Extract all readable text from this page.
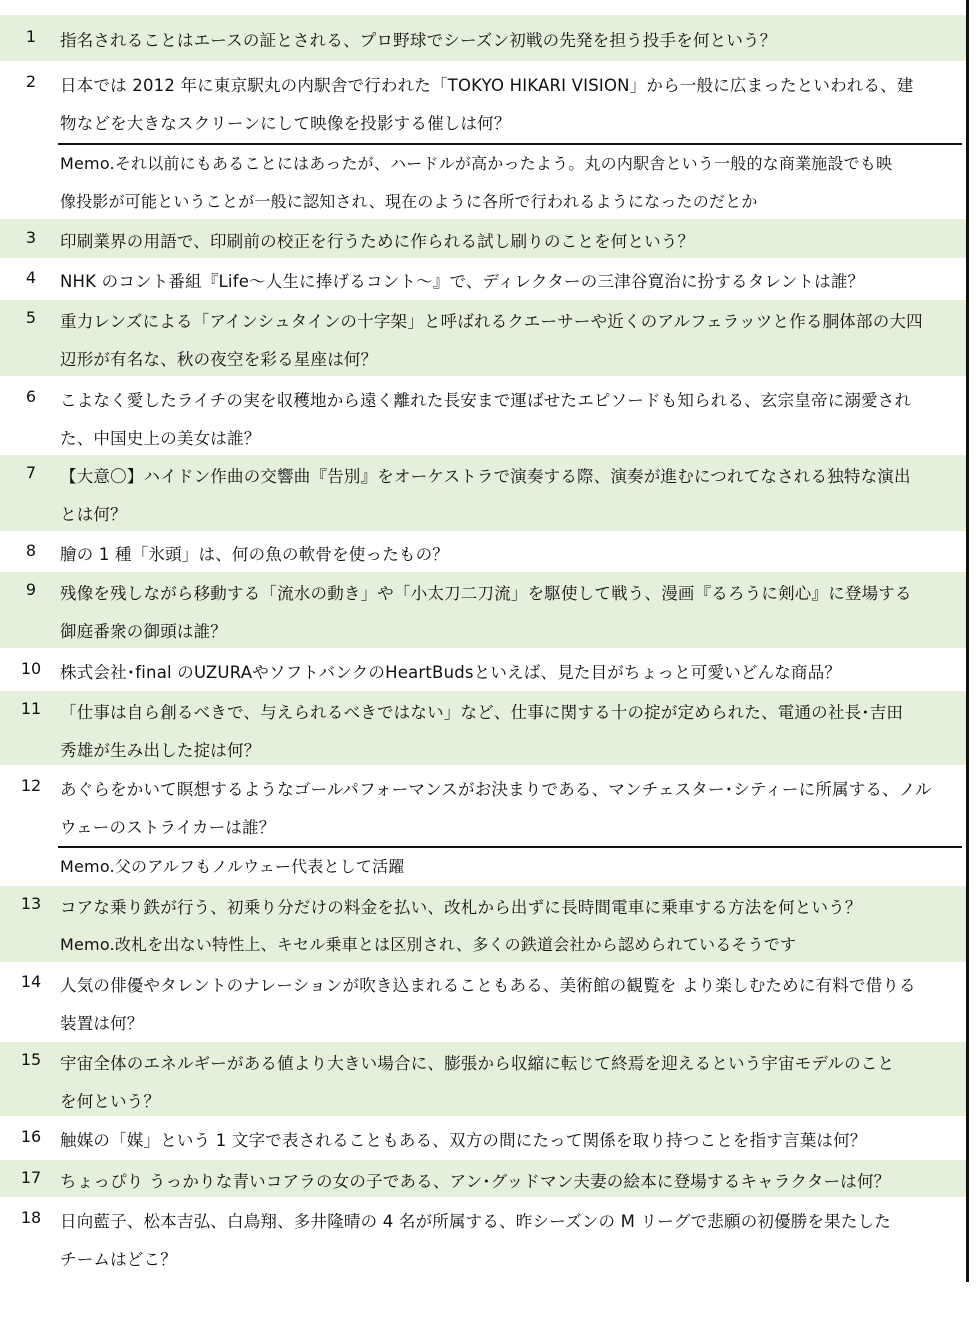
1	指名されることはエースの証とされる、プロ野球でシーズン初戦の先発を担う投手を何という？
2	日本では 2012 年に東京駅丸の内駅舎で行われた「TOKYO HIKARI VISION」から一般に広まったといわれる、建
物などを大きなスクリーンにして映像を投影する催しは何？
Memo.それ以前にもあることにはあったが、ハードルが高かったよう。丸の内駅舎という一般的な商業施設でも映
像投影が可能ということが一般に認知され、現在のように各所で行われるようになったのだとか
3	印刷業界の用語で、印刷前の校正を行うために作られる試し刷りのことを何という？
4	NHK のコント番組『Life～人生に捧げるコント～』で、ディレクターの三津谷寛治に扮するタレントは誰？
5	重力レンズによる「アインシュタインの十字架」と呼ばれるクエーサーや近くのアルフェラッツと作る胴体部の大四
辺形が有名な、秋の夜空を彩る星座は何？
6	こよなく愛したライチの実を収穫地から遠く離れた長安まで運ばせたエピソードも知られる、玄宗皇帝に溺愛され
た、中国史上の美女は誰？
7	【大意〇】ハイドン作曲の交響曲『告別』をオーケストラで演奏する際、演奏が進むにつれてなされる独特な演出
とは何？
8	膾の 1 種「氷頭」は、何の魚の軟骨を使ったもの？
9	残像を残しながら移動する「流水の動き」や「小太刀二刀流」を駆使して戦う、漫画『るろうに剣心』に登場する
御庭番衆の御頭は誰？
10	株式会社･final のUZURAやソフトバンクのHeartBudsといえば、見た目がちょっと可愛いどんな商品？
11	「仕事は自ら創るべきで、与えられるべきではない」など、仕事に関する十の掟が定められた、電通の社長･吉田
秀雄が生み出した掟は何？
12	あぐらをかいて瞑想するようなゴールパフォーマンスがお決まりである、マンチェスター･シティーに所属する、ノル
ウェーのストライカーは誰？
Memo.父のアルフもノルウェー代表として活躍
13	コアな乗り鉄が行う、初乗り分だけの料金を払い、改札から出ずに長時間電車に乗車する方法を何という？
Memo.改札を出ない特性上、キセル乗車とは区別され、多くの鉄道会社から認められているそうです
14	人気の俳優やタレントのナレーションが吹き込まれることもある、美術館の観覧を より楽しむために有料で借りる
装置は何？
15	宇宙全体のエネルギーがある値より大きい場合に、膨張から収縮に転じて終焉を迎えるという宇宙モデルのこと
を何という？
16	触媒の「媒」という 1 文字で表されることもある、双方の間にたって関係を取り持つことを指す言葉は何？
17	ちょっぴり うっかりな青いコアラの女の子である、アン･グッドマン夫妻の絵本に登場するキャラクターは何？
18	日向藍子、松本吉弘、白鳥翔、多井隆晴の 4 名が所属する、昨シーズンの M リーグで悲願の初優勝を果たした
チームはどこ？
